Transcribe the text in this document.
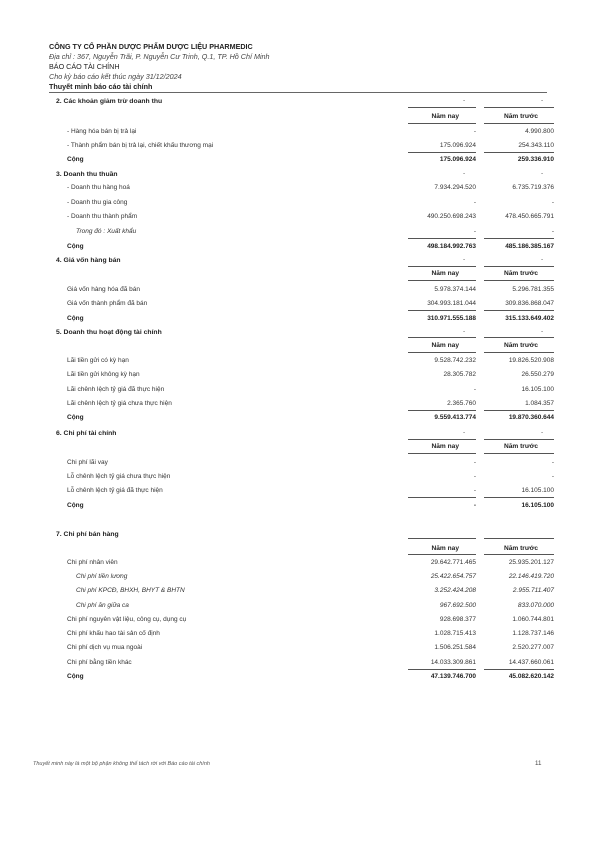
CÔNG TY CỔ PHẦN DƯỢC PHẨM DƯỢC LIỆU PHARMEDIC
Địa chỉ : 367, Nguyễn Trãi, P. Nguyễn Cư Trinh, Q.1, TP. Hồ Chí Minh
BÁO CÁO TÀI CHÍNH
Cho kỳ báo cáo kết thúc ngày 31/12/2024
Thuyết minh báo cáo tài chính
2. Các khoản giảm trừ doanh thu	-	-
Năm nay	Năm trước
- Hàng hóa bán bị trả lại	-	4.990.800
- Thành phẩm bán bị trả lại, chiết khấu thương mại	175.096.924	254.343.110
Cộng	175.096.924	259.336.910
3. Doanh thu thuần	-	-
- Doanh thu hàng hoá	7.934.294.520	6.735.719.376
- Doanh thu gia công	-	-
- Doanh thu thành phẩm	490.250.698.243	478.450.665.791
Trong đó : Xuất khẩu	-	-
Cộng	498.184.992.763	485.186.385.167
4. Giá vốn hàng bán	-	-
Năm nay	Năm trước
Giá vốn hàng hóa đã bán	5.978.374.144	5.296.781.355
Giá vốn thành phẩm đã bán	304.993.181.044	309.836.868.047
Cộng	310.971.555.188	315.133.649.402
5. Doanh thu hoạt động tài chính	-	-
Năm nay	Năm trước
Lãi tiền gửi có kỳ hạn	9.528.742.232	19.826.520.908
Lãi tiền gửi không kỳ hạn	28.305.782	26.550.279
Lãi chênh lệch tỷ giá đã thực hiện	-	16.105.100
Lãi chênh lệch tỷ giá chưa thực hiện	2.365.760	1.084.357
Cộng	9.559.413.774	19.870.360.644
6. Chi phí tài chính	-	-
Năm nay	Năm trước
Chi phí lãi vay	-	-
Lỗ chênh lệch tỷ giá chưa thực hiện	-	-
Lỗ chênh lệch tỷ giá đã thực hiện	-	16.105.100
Cộng	-	16.105.100
7. Chi phí bán hàng
Năm nay	Năm trước
Chi phí nhân viên	29.642.771.465	25.935.201.127
Chi phí tiền lương	25.422.654.757	22.146.419.720
Chi phí KPCĐ, BHXH, BHYT & BHTN	3.252.424.208	2.955.711.407
Chi phí ăn giữa ca	967.692.500	833.070.000
Chi phí nguyên vật liệu, công cụ, dụng cụ	928.698.377	1.060.744.801
Chi phí khấu hao tài sản cố định	1.028.715.413	1.128.737.146
Chi phí dịch vụ mua ngoài	1.506.251.584	2.520.277.007
Chi phí bằng tiền khác	14.033.309.861	14.437.660.061
Cộng	47.139.746.700	45.082.620.142
Thuyết minh này là một bộ phận không thể tách rời với Báo cáo tài chính	11
